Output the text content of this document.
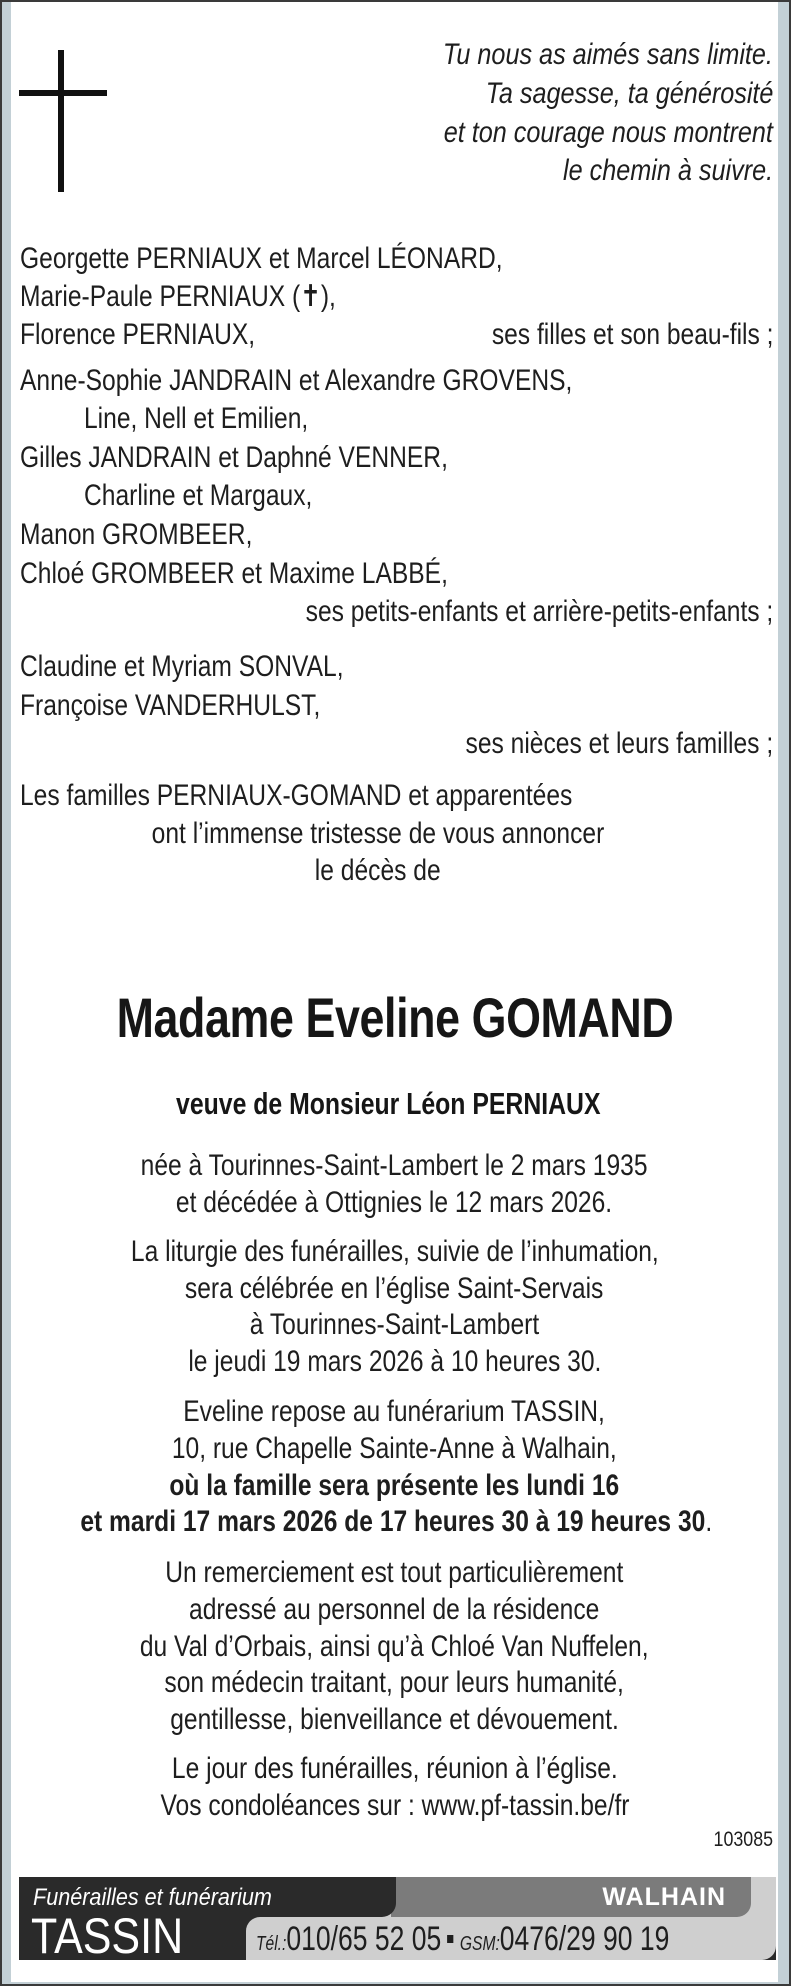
Tu nous as aimés sans limite.
Ta sagesse, ta générosité
et ton courage nous montrent
le chemin à suivre.
Georgette PERNIAUX et Marcel LÉONARD,
Marie-Paule PERNIAUX (✝),
Florence PERNIAUX,	ses filles et son beau-fils ;
Anne-Sophie JANDRAIN et Alexandre GROVENS,
Line, Nell et Emilien,
Gilles JANDRAIN et Daphné VENNER,
Charline et Margaux,
Manon GROMBEER,
Chloé GROMBEER et Maxime LABBÉ,
ses petits-enfants et arrière-petits-enfants ;
Claudine et Myriam SONVAL,
Françoise VANDERHULST,
ses nièces et leurs familles ;
Les familles PERNIAUX-GOMAND et apparentées
ont l’immense tristesse de vous annoncer
le décès de
Madame Eveline GOMAND
veuve de Monsieur Léon PERNIAUX
née à Tourinnes-Saint-Lambert le 2 mars 1935
et décédée à Ottignies le 12 mars 2026.
La liturgie des funérailles, suivie de l’inhumation,
sera célébrée en l’église Saint-Servais
à Tourinnes-Saint-Lambert
le jeudi 19 mars 2026 à 10 heures 30.
Eveline repose au funérarium TASSIN,
10, rue Chapelle Sainte-Anne à Walhain,
où la famille sera présente les lundi 16
et mardi 17 mars 2026 de 17 heures 30 à 19 heures 30.
Un remerciement est tout particulièrement
adressé au personnel de la résidence
du Val d’Orbais, ainsi qu’à Chloé Van Nuffelen,
son médecin traitant, pour leurs humanité,
gentillesse, bienveillance et dévouement.
Le jour des funérailles, réunion à l’église.
Vos condoléances sur : www.pf-tassin.be/fr
103085
Funérailles et funérarium
TASSIN
WALHAIN
Tél.:010/65 52 05 GSM:0476/29 90 19
